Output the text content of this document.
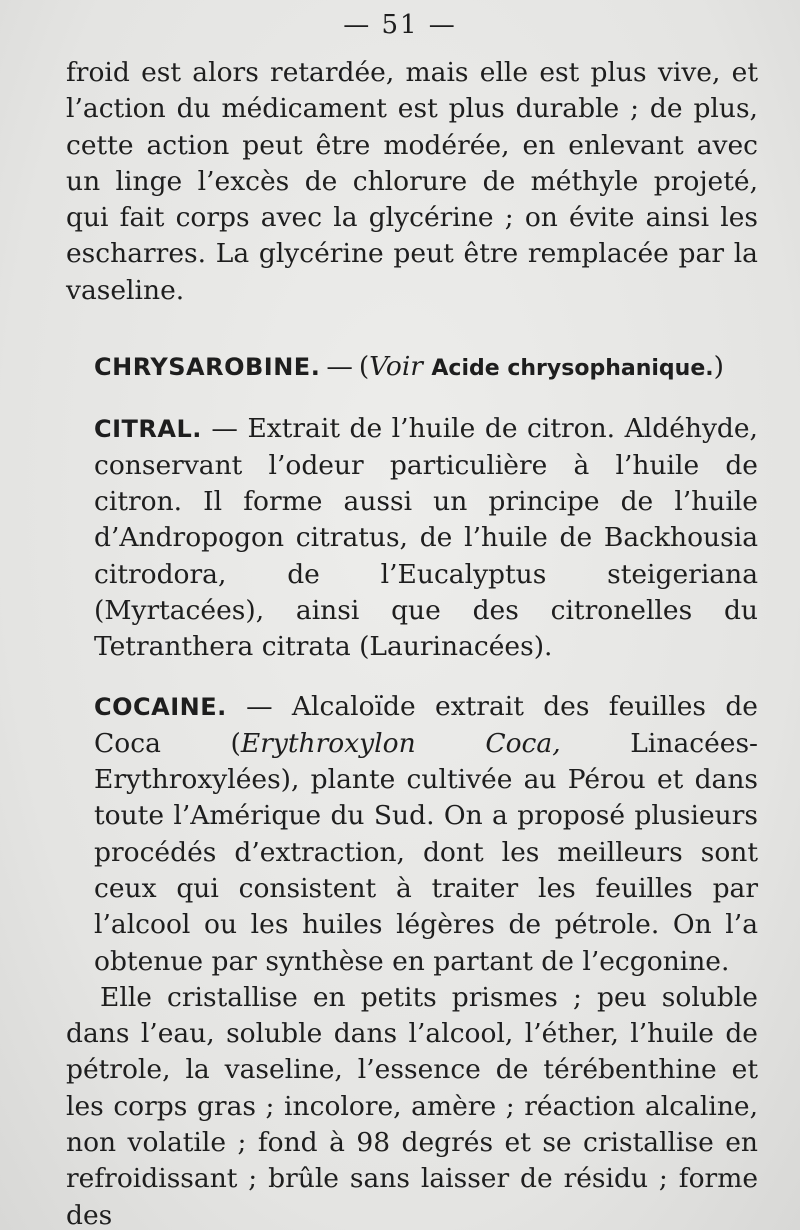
— 51 —

froid est alors retardée, mais elle est plus vive, et l’action du médicament est plus durable ; de plus, cette action peut être modérée, en enlevant avec un linge l’excès de chlorure de méthyle projeté, qui fait corps avec la glycérine ; on évite ainsi les escharres. La glycérine peut être remplacée par la vaseline.

CHRYSAROBINE. — (Voir Acide chrysophanique.)

CITRAL. — Extrait de l’huile de citron. Aldéhyde, conservant l’odeur particulière à l’huile de citron. Il forme aussi un principe de l’huile d’Andropogon citratus, de l’huile de Backhousia citrodora, de l’Eucalyptus steigeriana (Myrtacées), ainsi que des citronelles du Tetranthera citrata (Laurinacées).

COCAINE. — Alcaloïde extrait des feuilles de Coca (Erythroxylon Coca, Linacées-Erythroxylées), plante cultivée au Pérou et dans toute l’Amérique du Sud. On a proposé plusieurs procédés d’extraction, dont les meilleurs sont ceux qui consistent à traiter les feuilles par l’alcool ou les huiles légères de pétrole. On l’a obtenue par synthèse en partant de l’ecgonine.

Elle cristallise en petits prismes ; peu soluble dans l’eau, soluble dans l’alcool, l’éther, l’huile de pétrole, la vaseline, l’essence de térébenthine et les corps gras ; incolore, amère ; réaction alcaline, non volatile ; fond à 98 degrés et se cristallise en refroidissant ; brûle sans laisser de résidu ; forme des
